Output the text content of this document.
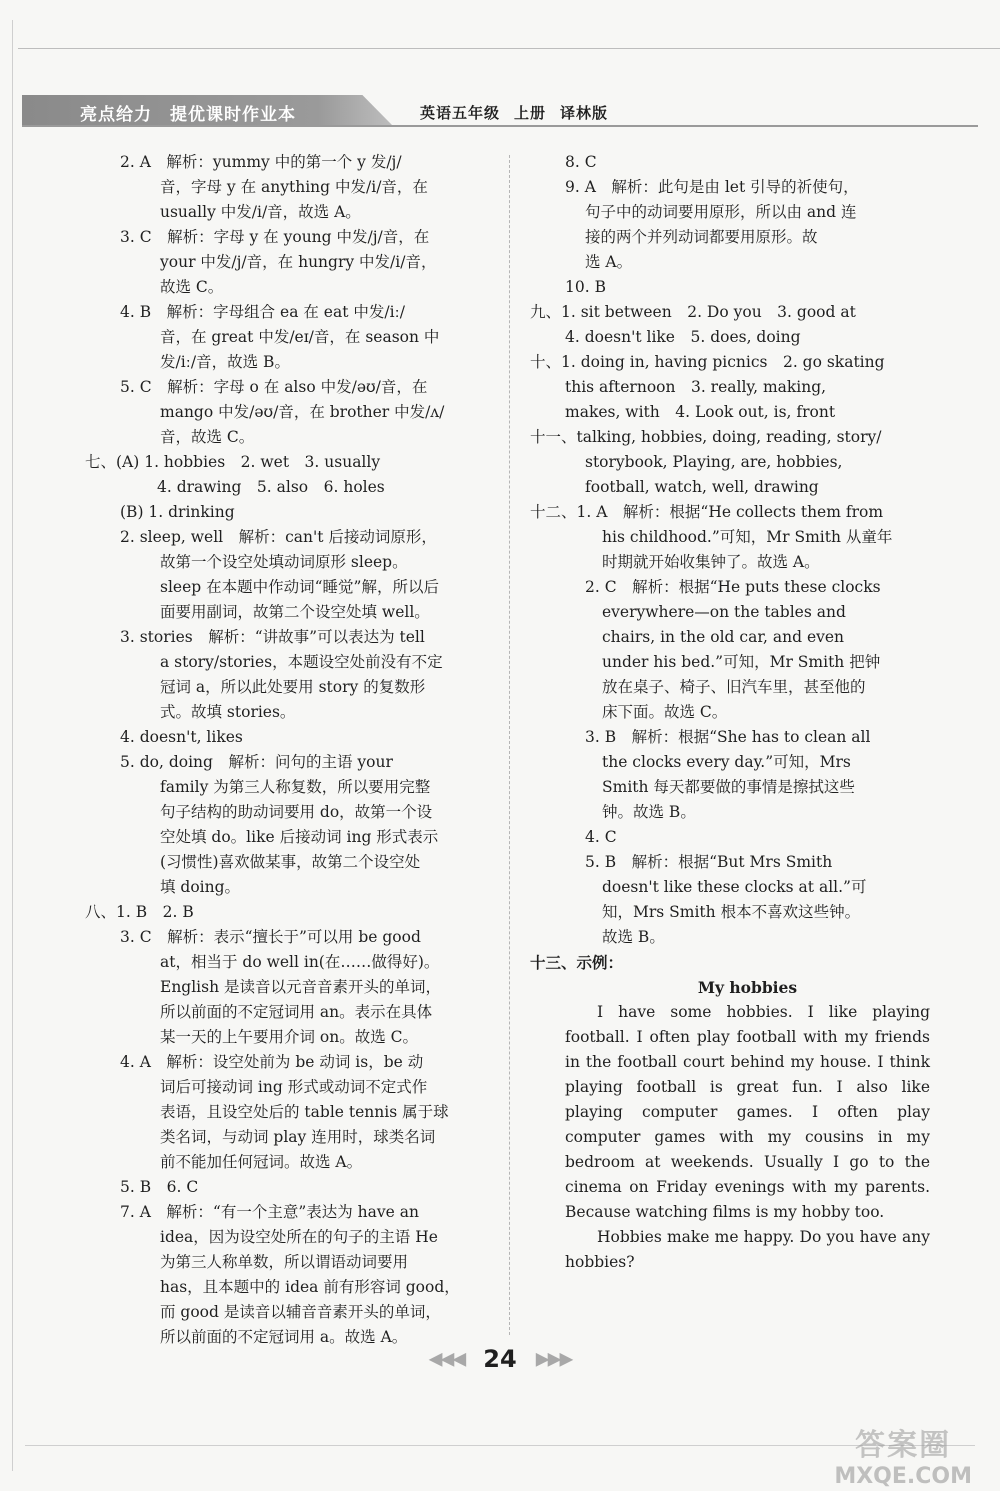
亮点给力 提优课时作业本	英语五年级 上册 译林版
2. A　解析：yummy 中的第一个 y 发/j/
音，字母 y 在 anything 中发/i/音，在
usually 中发/i/音，故选 A。
3. C　解析：字母 y 在 young 中发/j/音，在
your 中发/j/音，在 hungry 中发/i/音，
故选 C。
4. B　解析：字母组合 ea 在 eat 中发/iː/
音，在 great 中发/eɪ/音，在 season 中
发/iː/音，故选 B。
5. C　解析：字母 o 在 also 中发/əʊ/音，在
mango 中发/əʊ/音，在 brother 中发/ʌ/
音，故选 C。
七、(A) 1. hobbies　2. wet　3. usually
4. drawing　5. also　6. holes
(B) 1. drinking
2. sleep, well　解析：can't 后接动词原形，
故第一个设空处填动词原形 sleep。
sleep 在本题中作动词“睡觉”解，所以后
面要用副词，故第二个设空处填 well。
3. stories　解析：“讲故事”可以表达为 tell
a story/stories，本题设空处前没有不定
冠词 a，所以此处要用 story 的复数形
式。故填 stories。
4. doesn't, likes
5. do, doing　解析：问句的主语 your
family 为第三人称复数，所以要用完整
句子结构的助动词要用 do，故第一个设
空处填 do。like 后接动词 ing 形式表示
(习惯性)喜欢做某事，故第二个设空处
填 doing。
八、1. B　2. B
3. C　解析：表示“擅长于”可以用 be good
at，相当于 do well in(在……做得好)。
English 是读音以元音音素开头的单词，
所以前面的不定冠词用 an。表示在具体
某一天的上午要用介词 on。故选 C。
4. A　解析：设空处前为 be 动词 is，be 动
词后可接动词 ing 形式或动词不定式作
表语，且设空处后的 table tennis 属于球
类名词，与动词 play 连用时，球类名词
前不能加任何冠词。故选 A。
5. B　6. C
7. A　解析：“有一个主意”表达为 have an
idea，因为设空处所在的句子的主语 He
为第三人称单数，所以谓语动词要用
has，且本题中的 idea 前有形容词 good，
而 good 是读音以辅音音素开头的单词，
所以前面的不定冠词用 a。故选 A。
8. C
9. A　解析：此句是由 let 引导的祈使句，
句子中的动词要用原形，所以由 and 连
接的两个并列动词都要用原形。故
选 A。
10. B
九、1. sit between　2. Do you　3. good at
4. doesn't like　5. does, doing
十、1. doing in, having picnics　2. go skating
this afternoon　3. really, making,
makes, with　4. Look out, is, front
十一、talking, hobbies, doing, reading, story/
storybook, Playing, are, hobbies,
football, watch, well, drawing
十二、1. A　解析：根据“He collects them from
his childhood.”可知，Mr Smith 从童年
时期就开始收集钟了。故选 A。
2. C　解析：根据“He puts these clocks
everywhere—on the tables and
chairs, in the old car, and even
under his bed.”可知，Mr Smith 把钟
放在桌子、椅子、旧汽车里，甚至他的
床下面。故选 C。
3. B　解析：根据“She has to clean all
the clocks every day.”可知，Mrs
Smith 每天都要做的事情是擦拭这些
钟。故选 B。
4. C
5. B　解析：根据“But Mrs Smith
doesn't like these clocks at all.”可
知，Mrs Smith 根本不喜欢这些钟。
故选 B。
十三、示例：
My hobbies

I have some hobbies. I like playing football. I often play football with my friends in the football court behind my house. I think playing football is great fun. I also like playing computer games. I often play computer games with my cousins in my bedroom at weekends. Usually I go to the cinema on Friday evenings with my parents. Because watching films is my hobby too.

Hobbies make me happy. Do you have any hobbies?

◀◀◀ 24 ▶▶▶
答案圈
MXQE.COM
